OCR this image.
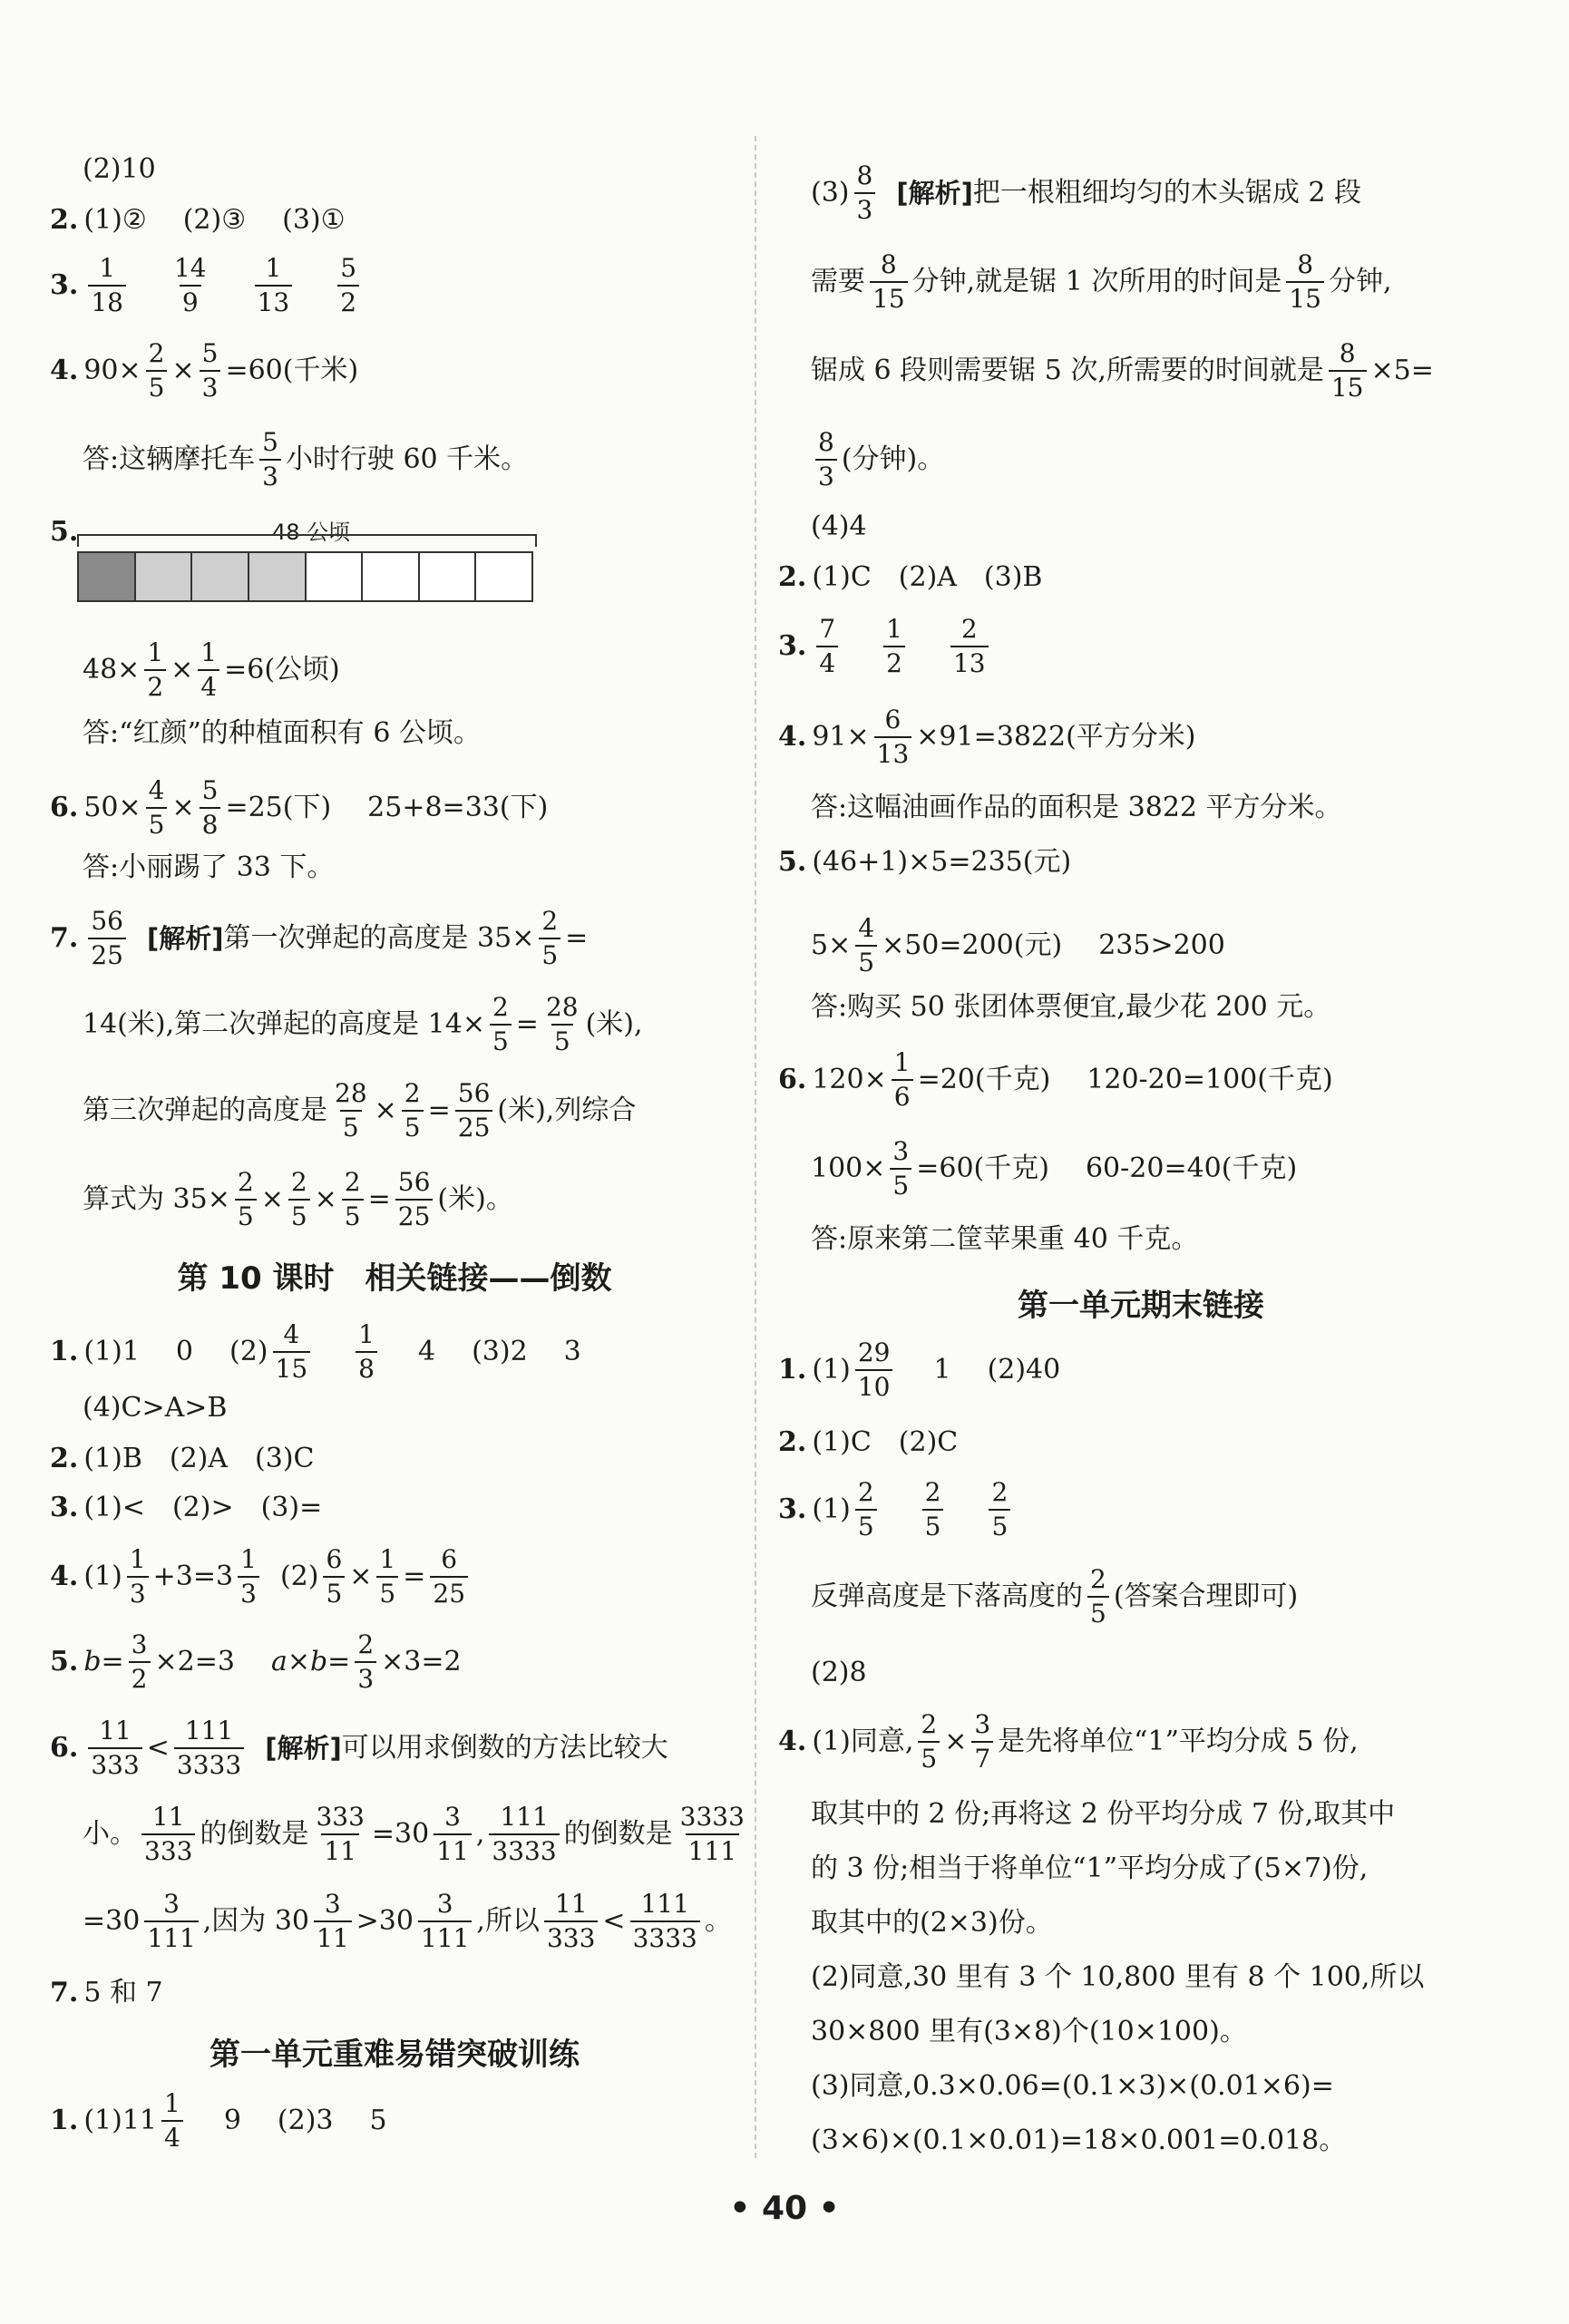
(2)10
2. (1)② (2)③ (3)①
3. $\frac{1}{18} \frac{14}{9} \frac{1}{13} \frac{5}{2}$
4. $90\times \frac{2}{5} \times \frac{5}{3} =60$(千米)
答:这辆摩托车 $\frac{5}{3}$ 小时行驶 60 千米。
5.	48 公顷
$48\times \frac{1}{2} \times \frac{1}{4} =6$(公顷)
答:“红颜”的种植面积有 6 公顷。
6. $50\times \frac{4}{5} \times \frac{5}{8} =25$(下) 25+8=33(下)
答:小丽踢了 33 下。
7. $\frac{56}{25}$ [解析] 第一次弹起的高度是 $35\times \frac{2}{5}$ =
14(米),第二次弹起的高度是 $14\times \frac{2}{5} = \frac{28}{5}$ (米),
第三次弹起的高度是 $\frac{28}{5} \times \frac{2}{5} = \frac{56}{25}$ (米),列综合
算式为 $35\times \frac{2}{5} \times \frac{2}{5} \times \frac{2}{5} = \frac{56}{25}$ (米)。
第 10 课时　相关链接——倒数
1. (1)1 0 $(2) \frac{4}{15} \frac{1}{8} 4$ (3)2 3
(4)C>A>B
2. (1)B　(2)A　(3)C
3. (1)<　(2)>　(3)=
4. $(1) \frac{1}{3} +3=3 \frac{1}{3} (2) \frac{6}{5} \times \frac{1}{5} = \frac{6}{25}$
5. $b= \frac{3}{2} \times 2=3$ $a\times b= \frac{2}{3} \times 3=2$
6. $\frac{11}{333} < \frac{111}{3333}$ [解析] 可以用求倒数的方法比较大
小。 $\frac{11}{333}$ 的倒数是 $\frac{333}{11} =30 \frac{3}{11}$ , $\frac{111}{3333}$ 的倒数是 $\frac{3333}{111}$
$=30 \frac{3}{111}$ ,因为 $30 \frac{3}{11} >30 \frac{3}{111}$ ,所以 $\frac{11}{333} < \frac{111}{3333}$ 。
7. 5 和 7
第一单元重难易错突破训练
1. $(1)11 \frac{1}{4} 9$ (2)3 5
$(3) \frac{8}{3}$ [解析] 把一根粗细均匀的木头锯成 2 段
需要 $\frac{8}{15}$ 分钟,就是锯 1 次所用的时间是 $\frac{8}{15}$ 分钟,
锯成 6 段则需要锯 5 次,所需要的时间就是 $\frac{8}{15} \times 5=$
$\frac{8}{3}$ (分钟)。
(4)4
2. (1)C　(2)A　(3)B
3. $\frac{7}{4} \frac{1}{2} \frac{2}{13}$
4. $91\times \frac{6}{13} \times 91=3822$(平方分米)
答:这幅油画作品的面积是 3822 平方分米。
5. (46+1)×5=235(元)
$5\times \frac{4}{5} \times 50=200$(元) 235>200
答:购买 50 张团体票便宜,最少花 200 元。
6. $120\times \frac{1}{6} =20$(千克) 120-20=100(千克)
$100\times \frac{3}{5} =60$(千克) 60-20=40(千克)
答:原来第二筐苹果重 40 千克。
第一单元期末链接
1. $(1) \frac{29}{10} 1$ (2)40
2. (1)C　(2)C
3. $(1) \frac{2}{5} \frac{2}{5} \frac{2}{5}$
反弹高度是下落高度的 $\frac{2}{5}$ (答案合理即可)
(2)8
4. (1)同意, $\frac{2}{5} \times \frac{3}{7}$ 是先将单位“1”平均分成 5 份,
取其中的 2 份;再将这 2 份平均分成 7 份,取其中
的 3 份;相当于将单位“1”平均分成了(5×7)份,
取其中的(2×3)份。
(2)同意,30 里有 3 个 10,800 里有 8 个 100,所以
30×800 里有(3×8)个(10×100)。
(3)同意,0.3×0.06=(0.1×3)×(0.01×6)=
(3×6)×(0.1×0.01)=18×0.001=0.018。
• 40 •
